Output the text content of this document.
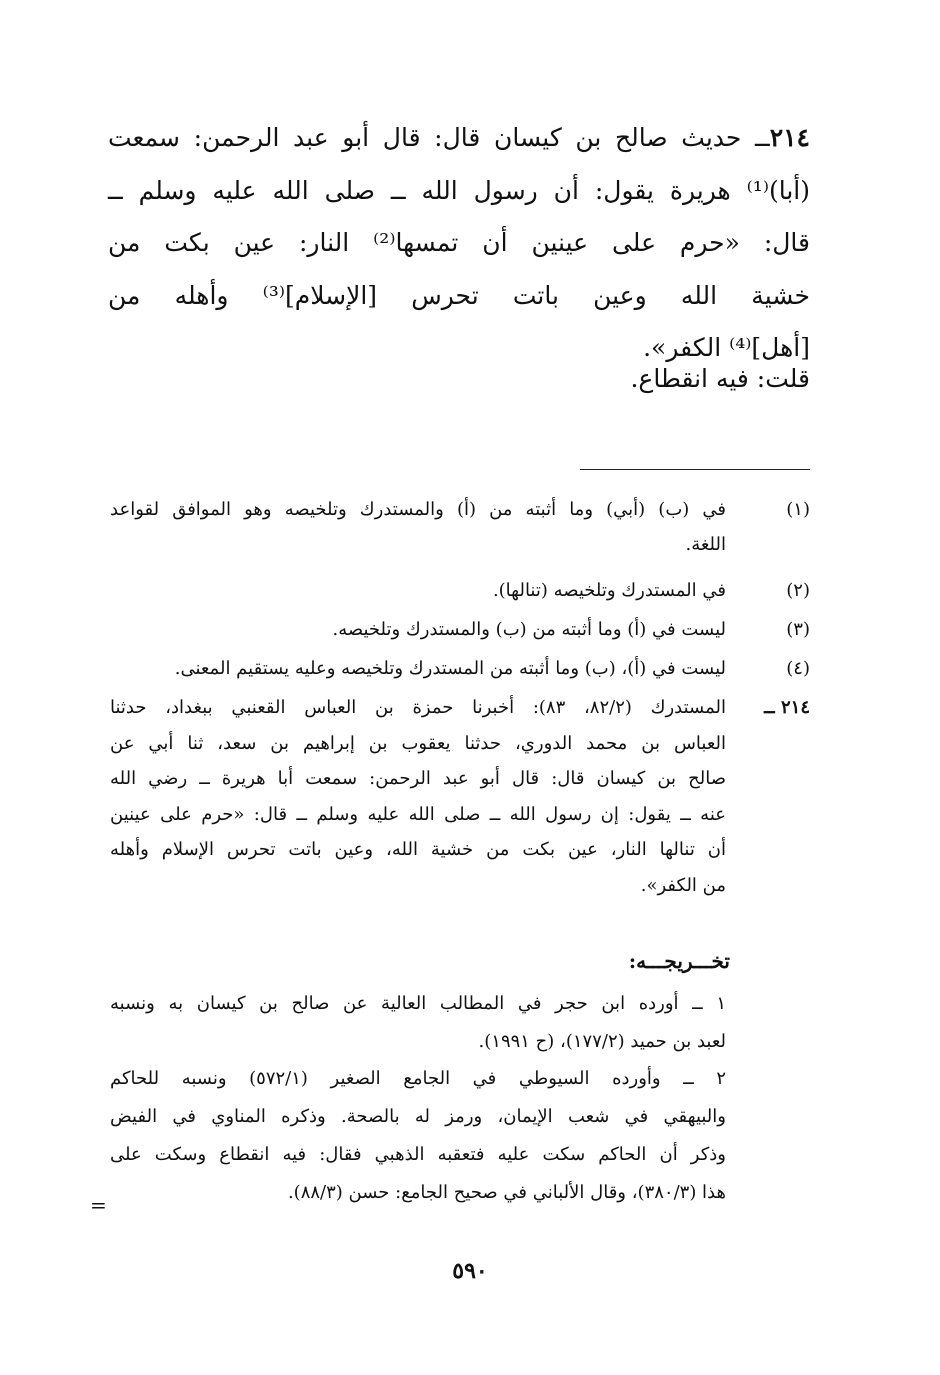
٢١٤ــ حديث صالح بن كيسان قال: قال أبو عبد الرحمن: سمعت
(أبا)⁽¹⁾ هريرة يقول: أن رسول الله ــ صلى الله عليه وسلم ــ
قال: «حرم على عينين أن تمسها⁽²⁾ النار: عين بكت من
خشية الله وعين باتت تحرس [الإسلام]⁽³⁾ وأهله من
[أهل]⁽⁴⁾ الكفر».
قلت: فيه انقطاع.
(١)
في (ب) (أبي) وما أثبته من (أ) والمستدرك وتلخيصه وهو الموافق لقواعد
اللغة.
(٢)
في المستدرك وتلخيصه (تنالها).
(٣)
ليست في (أ) وما أثبته من (ب) والمستدرك وتلخيصه.
(٤)
ليست في (أ)، (ب) وما أثبته من المستدرك وتلخيصه وعليه يستقيم المعنى.
٢١٤ ــ
المستدرك (٨٢/٢، ٨٣): أخبرنا حمزة بن العباس القعنبي ببغداد، حدثنا
العباس بن محمد الدوري، حدثنا يعقوب بن إبراهيم بن سعد، ثنا أبي عن
صالح بن كيسان قال: قال أبو عبد الرحمن: سمعت أبا هريرة ــ رضي الله
عنه ــ يقول: إن رسول الله ــ صلى الله عليه وسلم ــ قال: «حرم على عينين
أن تنالها النار، عين بكت من خشية الله، وعين باتت تحرس الإسلام وأهله
من الكفر».
تخـــريجـــه:
١ ــ أورده ابن حجر في المطالب العالية عن صالح بن كيسان به ونسبه
لعبد بن حميد (١٧٧/٢)، (ح ١٩٩١).
٢ ــ وأورده السيوطي في الجامع الصغير (٥٧٢/١) ونسبه للحاكم
والبيهقي في شعب الإيمان، ورمز له بالصحة. وذكره المناوي في الفيض
وذكر أن الحاكم سكت عليه فتعقبه الذهبي فقال: فيه انقطاع وسكت على
هذا (٣٨٠/٣)، وقال الألباني في صحيح الجامع: حسن (٨٨/٣).
=
٥٩٠
